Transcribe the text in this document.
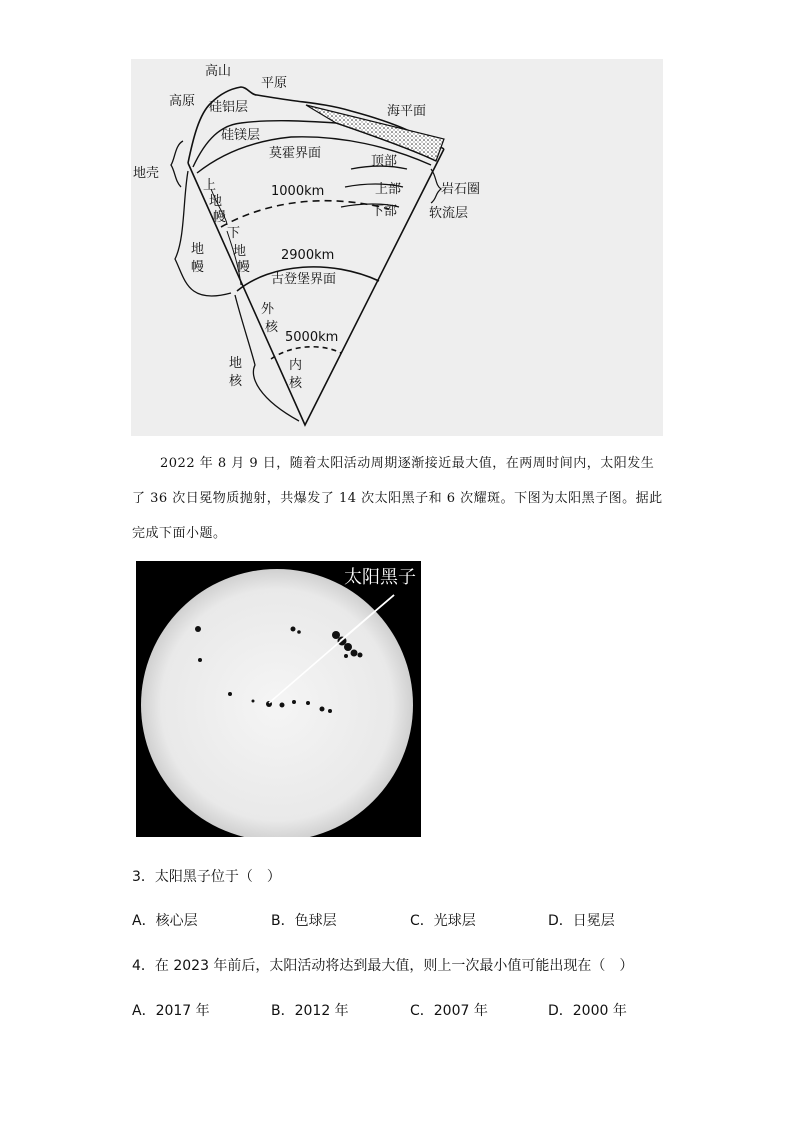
高山
平原
高原 硅铝层	海平面
硅镁层
莫霍界面
顶部
地壳
上
地
幔
1000km	上部	岩石圈
下
地
幔
下部 软流层
地
幔
2900km
古登堡界面
外
核
5000km
地
核
内
核
2022 年 8 月 9 日，随着太阳活动周期逐渐接近最大值，在两周时间内，太阳发生
了 36 次日冕物质抛射，共爆发了 14 次太阳黑子和 6 次耀斑。下图为太阳黑子图。据此
完成下面小题。
太阳黑子
3．太阳黑子位于（　）
A．核心层	B．色球层	C．光球层	D．日冕层
4．在 2023 年前后，太阳活动将达到最大值，则上一次最小值可能出现在（　）
A．2017 年	B．2012 年	C．2007 年	D．2000 年
